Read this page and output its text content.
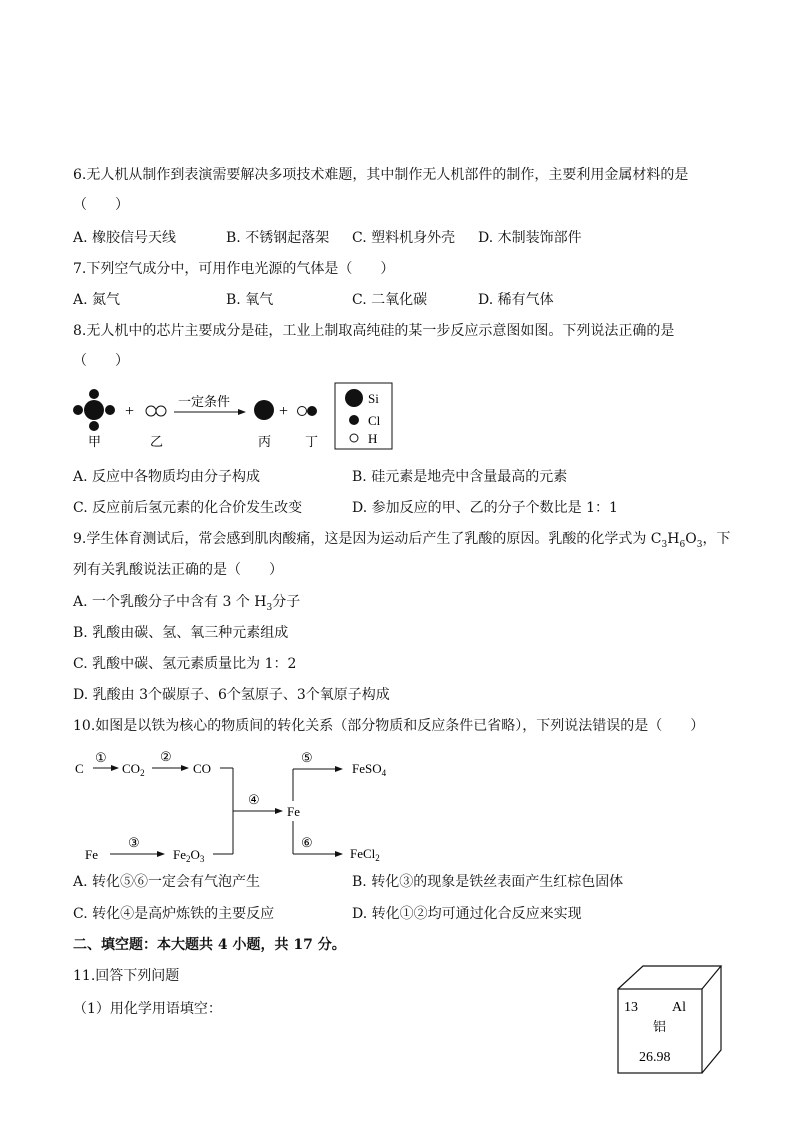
6.无人机从制作到表演需要解决多项技术难题，其中制作无人机部件的制作，主要利用金属材料的是
（　　）
A. 橡胶信号天线	B. 不锈钢起落架 C. 塑料机身外壳 D. 木制装饰部件
7.下列空气成分中，可用作电光源的气体是（　　）
A. 氮气	B. 氧气	C. 二氧化碳	D. 稀有气体
8.无人机中的芯片主要成分是硅，工业上制取高纯硅的某一步反应示意图如图。下列说法正确的是
（　　）
+
一定条件
+
甲	乙	丙	丁
Si
Cl
H
A. 反应中各物质均由分子构成	B. 硅元素是地壳中含量最高的元素
C. 反应前后氢元素的化合价发生改变	D. 参加反应的甲、乙的分子个数比是 1：1
9.学生体育测试后，常会感到肌肉酸痛，这是因为运动后产生了乳酸的原因。乳酸的化学式为 $C_3H_6O_3$，下
列有关乳酸说法正确的是（　　）
A. 一个乳酸分子中含有 3 个 $H_3$分子
B. 乳酸由碳、氢、氧三种元素组成
C. 乳酸中碳、氢元素质量比为 1：2
D. 乳酸由 3个碳原子、6个氢原子、3个氧原子构成
10.如图是以铁为核心的物质间的转化关系（部分物质和反应条件已省略），下列说法错误的是（　　）
C
①
$CO_2$
②
CO
Fe
③
$Fe_2O_3$
④
Fe
⑤
FeSO$_4$
⑥
FeCl$_2$
A. 转化⑤⑥一定会有气泡产生	B. 转化③的现象是铁丝表面产生红棕色固体
C. 转化④是高炉炼铁的主要反应	D. 转化①②均可通过化合反应来实现
二、填空题：本大题共 4 小题，共 17 分。
11.回答下列问题
（1）用化学用语填空：	13 Al
铝
26.98
